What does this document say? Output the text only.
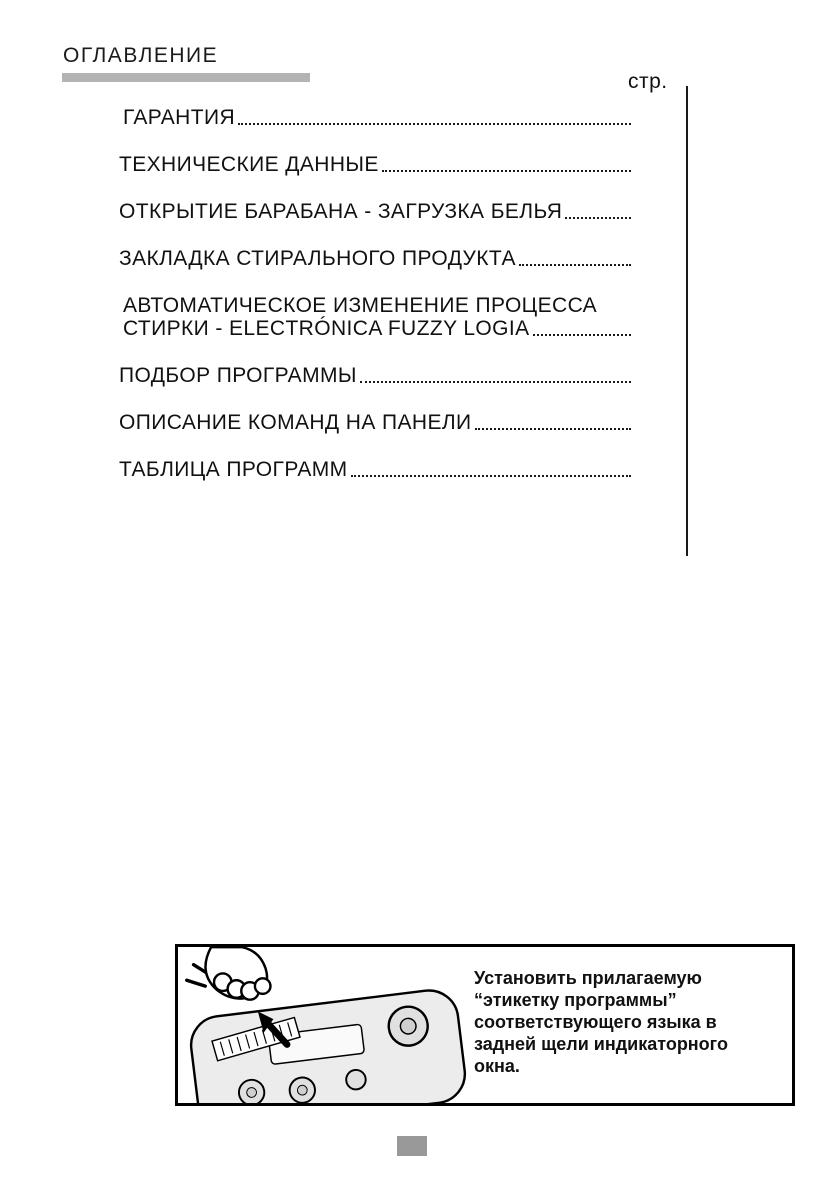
ОГЛАВЛЕНИЕ
стр.
ГАРАНТИЯ
ТЕХНИЧЕСКИЕ ДАННЫЕ
ОТКРЫТИЕ БАРАБАНА - ЗАГРУЗКА БЕЛЬЯ
ЗАКЛАДКА СТИРАЛЬНОГО ПРОДУКТА
АВТОМАТИЧЕСКОЕ ИЗМЕНЕНИЕ ПРОЦЕССА
СТИРКИ - ELECTRÓNICA FUZZY LOGIA
ПОДБОР ПРОГРАММЫ
ОПИСАНИЕ КОМАНД НА ПАНЕЛИ
ТАБЛИЦА ПРОГРАММ
Установить прилагаемую “этикетку программы” соответствующего языка в задней щели индикаторного окна.
